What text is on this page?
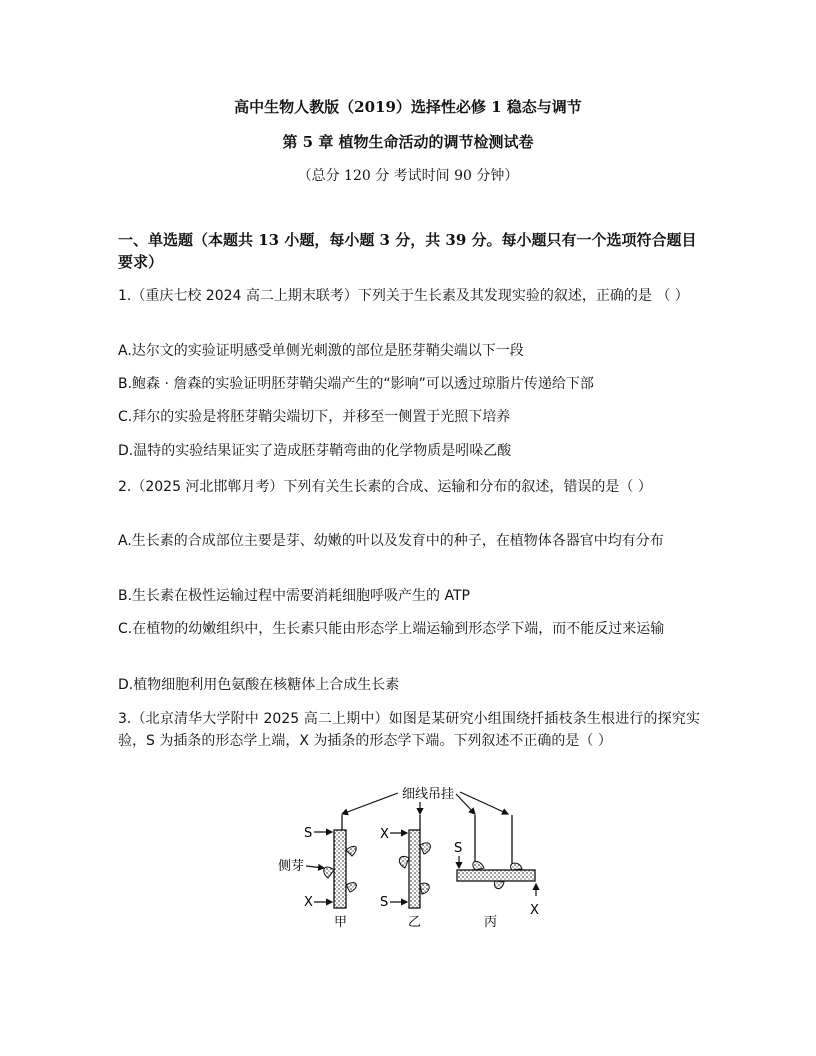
高中生物人教版（2019）选择性必修 1 稳态与调节
第 5 章 植物生命活动的调节检测试卷
（总分 120 分 考试时间 90 分钟）
一、单选题（本题共 13 小题，每小题 3 分，共 39 分。每小题只有一个选项符合题目要求）
1.（重庆七校 2024 高二上期末联考）下列关于生长素及其发现实验的叙述，正确的是 （ ）
A.达尔文的实验证明感受单侧光刺激的部位是胚芽鞘尖端以下一段
B.鲍森 · 詹森的实验证明胚芽鞘尖端产生的“影响”可以透过琼脂片传递给下部
C.拜尔的实验是将胚芽鞘尖端切下，并移至一侧置于光照下培养
D.温特的实验结果证实了造成胚芽鞘弯曲的化学物质是吲哚乙酸
2.（2025 河北邯郸月考）下列有关生长素的合成、运输和分布的叙述，错误的是（ ）
A.生长素的合成部位主要是芽、幼嫩的叶以及发育中的种子，在植物体各器官中均有分布
B.生长素在极性运输过程中需要消耗细胞呼吸产生的 ATP
C.在植物的幼嫩组织中，生长素只能由形态学上端运输到形态学下端，而不能反过来运输
D.植物细胞利用色氨酸在核糖体上合成生长素
3.（北京清华大学附中 2025 高二上期中）如图是某研究小组围绕扦插枝条生根进行的探究实验，S 为插条的形态学上端，X 为插条的形态学下端。下列叙述不正确的是（ ）
细线吊挂
S
侧芽
X
甲
X
S
乙
S
X
丙
